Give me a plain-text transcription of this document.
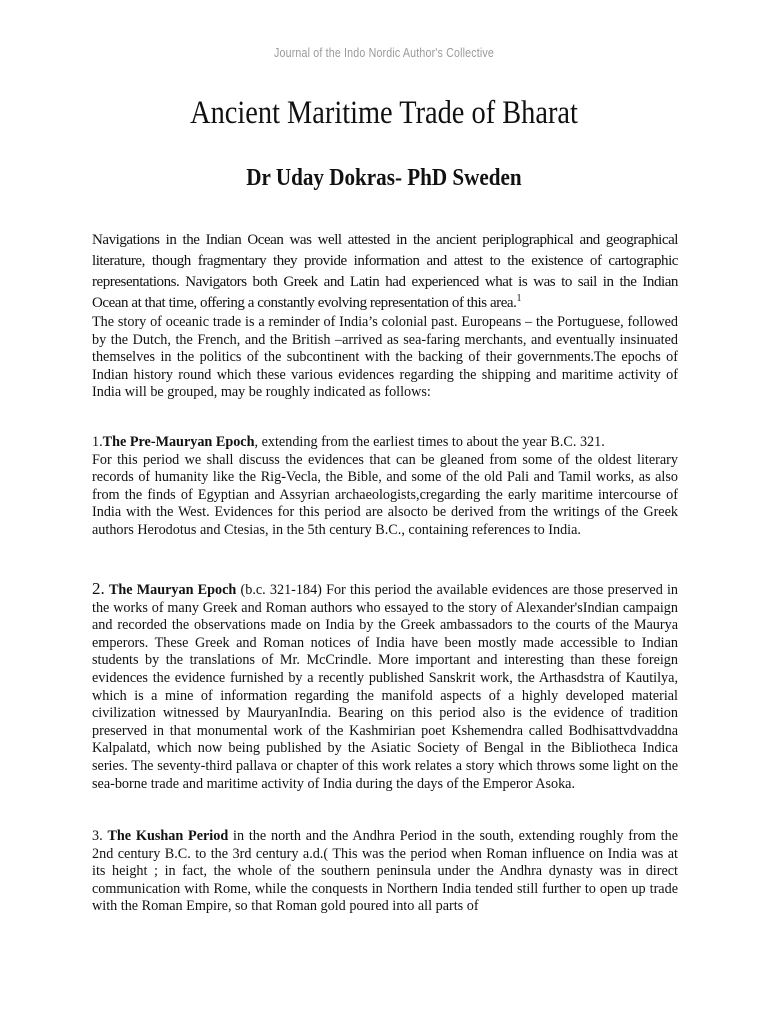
Journal of the Indo Nordic Author's Collective
Ancient Maritime Trade of Bharat
Dr Uday Dokras- PhD Sweden
Navigations in the Indian Ocean was well attested in the ancient periplographical and geographical
literature, though fragmentary they provide information and attest to the existence of cartographic
representations. Navigators both Greek and Latin had experienced what is was to sail in the Indian
Ocean at that time, offering a constantly evolving representation of this area.$^1$
The story of oceanic trade is a reminder of India’s colonial past. Europeans – the Portuguese, followed by the Dutch, the French, and the British –arrived as sea-faring merchants, and eventually insinuated themselves in the politics of the subcontinent with the backing of their governments.The epochs of Indian history round which these various evidences regarding the shipping and maritime activity of India will be grouped, may be roughly indicated as follows:
1.The Pre-Mauryan Epoch, extending from the earliest times to about the year B.C. 321.
For this period we shall discuss the evidences that can be gleaned from some of the oldest literary records of humanity like the Rig-Vecla, the Bible, and some of the old Pali and Tamil works, as also from the finds of Egyptian and Assyrian archaeologists,cregarding the early maritime intercourse of India with the West. Evidences for this period are alsocto be derived from the writings of the Greek authors Herodotus and Ctesias, in the 5th century B.C., containing references to India.
2. The Mauryan Epoch (b.c. 321-184) For this period the available evidences are those preserved in the works of many Greek and Roman authors who essayed to the story of Alexander'sIndian campaign and recorded the observations made on India by the Greek ambassadors to the courts of the Maurya emperors. These Greek and Roman notices of India have been mostly made accessible to Indian students by the translations of Mr. McCrindle. More important and interesting than these foreign evidences the evidence furnished by a recently published Sanskrit work, the Arthasdstra of Kautilya, which is a mine of information regarding the manifold aspects of a highly developed material civilization witnessed by MauryanIndia. Bearing on this period also is the evidence of tradition preserved in that monumental work of the Kashmirian poet Kshemendra called Bodhisattvdvaddna Kalpalatd, which now being published by the Asiatic Society of Bengal in the Bibliotheca Indica series. The seventy-third pallava or chapter of this work relates a story which throws some light on the sea-borne trade and maritime activity of India during the days of the Emperor Asoka.
3. The Kushan Period in the north and the Andhra Period in the south, extending roughly from the 2nd century B.C. to the 3rd century a.d.( This was the period when Roman influence on India was at its height ; in fact, the whole of the southern peninsula under the Andhra dynasty was in direct communication with Rome, while the conquests in Northern India tended still further to open up trade with the Roman Empire, so that Roman gold poured into all parts of
